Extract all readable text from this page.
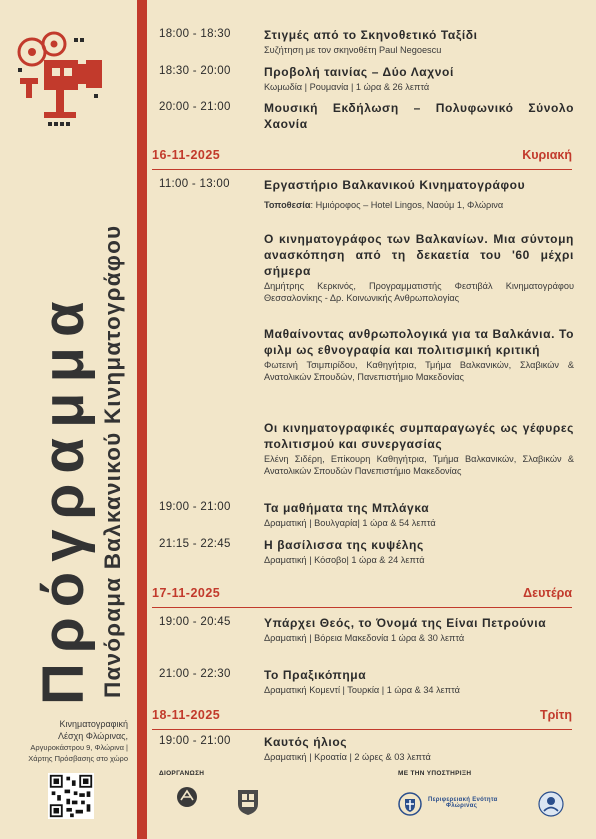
Πρόγραμμα Πανόραμα Βαλκανικού Κινηματογράφου
Κινηματογραφική
Λέσχη Φλώρινας,
Αργυροκάστρου 9, Φλώρινα |
Χάρτης Πρόσβασης στο χώρο
18:00 - 18:30	Στιγμές από το Σκηνοθετικό Ταξίδι
Συζήτηση με τον σκηνοθέτη Paul Negoescu
18:30 - 20:00	Προβολή ταινίας – Δύο Λαχνοί
Κωμωδία | Ρουμανία | 1 ώρα & 26 λεπτά
20:00 - 21:00	Μουσική Εκδήλωση – Πολυφωνικό Σύνολο Χαονία
16-11-2025	Κυριακή
11:00 - 13:00	Εργαστήριο Βαλκανικού Κινηματογράφου
Τοποθεσία: Ημιόροφος – Hotel Lingos, Ναούμ 1, Φλώρινα
Ο κινηματογράφος των Βαλκανίων. Μια σύντομη ανασκόπηση από τη δεκαετία του '60 μέχρι σήμερα
Δημήτρης Κερκινός, Προγραμματιστής Φεστιβάλ Κινηματογράφου Θεσσαλονίκης - Δρ. Κοινωνικής Ανθρωπολογίας
Μαθαίνοντας ανθρωπολογικά για τα Βαλκάνια. Το φιλμ ως εθνογραφία και πολιτισμική κριτική
Φωτεινή Τσιμπιρίδου, Καθηγήτρια, Τμήμα Βαλκανικών, Σλαβικών & Ανατολικών Σπουδών, Πανεπιστήμιο Μακεδονίας
Οι κινηματογραφικές συμπαραγωγές ως γέφυρες πολιτισμού και συνεργασίας
Ελένη Σιδέρη, Επίκουρη Καθηγήτρια, Τμήμα Βαλκανικών, Σλαβικών & Ανατολικών Σπουδών Πανεπιστήμιο Μακεδονίας
19:00 - 21:00	Τα μαθήματα της Μπλάγκα
Δραματική | Βουλγαρία| 1 ώρα & 54 λεπτά
21:15 - 22:45	Η βασίλισσα της κυψέλης
Δραματική | Κόσοβο| 1 ώρα & 24 λεπτά
17-11-2025	Δευτέρα
19:00 - 20:45	Υπάρχει Θεός, το Όνομά της Είναι Πετρούνια
Δραματική | Βόρεια Μακεδονία 1 ώρα & 30 λεπτά
21:00 - 22:30	Το Πραξικόπημα
Δραματική Κομεντί | Τουρκία | 1 ώρα & 34 λεπτά
18-11-2025	Τρίτη
19:00 - 21:00	Καυτός ήλιος
Δραματική | Κροατία | 2 ώρες & 03 λεπτά
ΔΙΟΡΓΑΝΩΣΗ	ΜΕ ΤΗΝ ΥΠΟΣΤΗΡΙΞΗ
Περιφερειακή Ενότητα
Φλώρινας
